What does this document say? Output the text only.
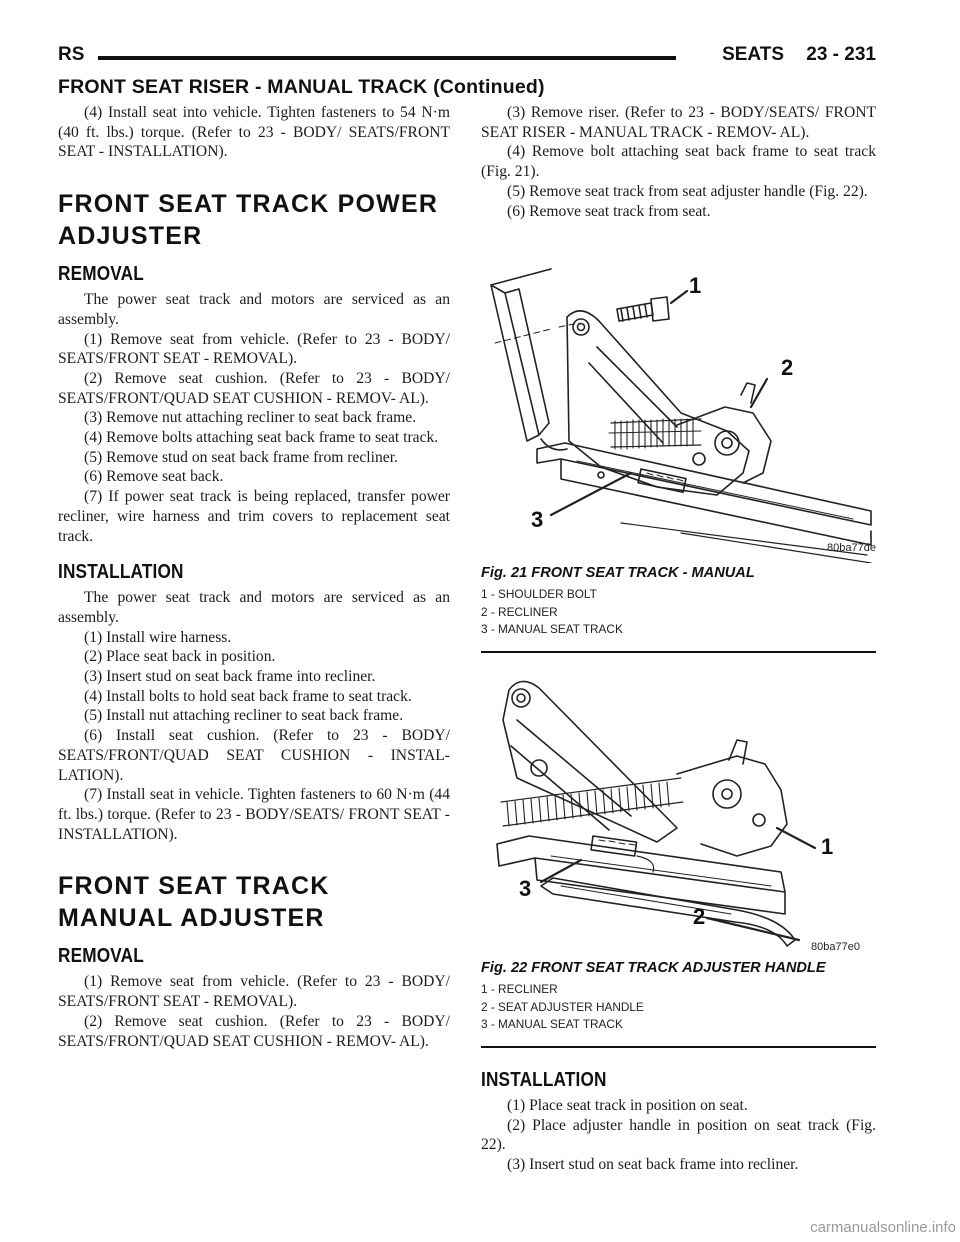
RS	SEATS 23 - 231
FRONT SEAT RISER - MANUAL TRACK (Continued)

(4) Install seat into vehicle. Tighten fasteners to 54 N·m (40 ft. lbs.) torque. (Refer to 23 - BODY/ SEATS/FRONT SEAT - INSTALLATION).

FRONT SEAT TRACK POWER ADJUSTER
REMOVAL

The power seat track and motors are serviced as an assembly.

(1) Remove seat from vehicle. (Refer to 23 - BODY/ SEATS/FRONT SEAT - REMOVAL).

(2) Remove seat cushion. (Refer to 23 - BODY/ SEATS/FRONT/QUAD SEAT CUSHION - REMOV- AL).

(3) Remove nut attaching recliner to seat back frame.

(4) Remove bolts attaching seat back frame to seat track.

(5) Remove stud on seat back frame from recliner.

(6) Remove seat back.

(7) If power seat track is being replaced, transfer power recliner, wire harness and trim covers to replacement seat track.

INSTALLATION

The power seat track and motors are serviced as an assembly.

(1) Install wire harness.

(2) Place seat back in position.

(3) Insert stud on seat back frame into recliner.

(4) Install bolts to hold seat back frame to seat track.

(5) Install nut attaching recliner to seat back frame.

(6) Install seat cushion. (Refer to 23 - BODY/ SEATS/FRONT/QUAD SEAT CUSHION - INSTAL- LATION).

(7) Install seat in vehicle. Tighten fasteners to 60 N·m (44 ft. lbs.) torque. (Refer to 23 - BODY/SEATS/ FRONT SEAT - INSTALLATION).

FRONT SEAT TRACK MANUAL ADJUSTER
REMOVAL

(1) Remove seat from vehicle. (Refer to 23 - BODY/ SEATS/FRONT SEAT - REMOVAL).

(2) Remove seat cushion. (Refer to 23 - BODY/ SEATS/FRONT/QUAD SEAT CUSHION - REMOV- AL).

(3) Remove riser. (Refer to 23 - BODY/SEATS/ FRONT SEAT RISER - MANUAL TRACK - REMOV- AL).

(4) Remove bolt attaching seat back frame to seat track (Fig. 21).

(5) Remove seat track from seat adjuster handle (Fig. 22).

(6) Remove seat track from seat.

1
2
3
80ba77de
Fig. 21 FRONT SEAT TRACK - MANUAL
1 - SHOULDER BOLT
2 - RECLINER
3 - MANUAL SEAT TRACK
1
2
3
80ba77e0
Fig. 22 FRONT SEAT TRACK ADJUSTER HANDLE
1 - RECLINER
2 - SEAT ADJUSTER HANDLE
3 - MANUAL SEAT TRACK
INSTALLATION

(1) Place seat track in position on seat.

(2) Place adjuster handle in position on seat track (Fig. 22).

(3) Insert stud on seat back frame into recliner.

carmanualsonline.info
